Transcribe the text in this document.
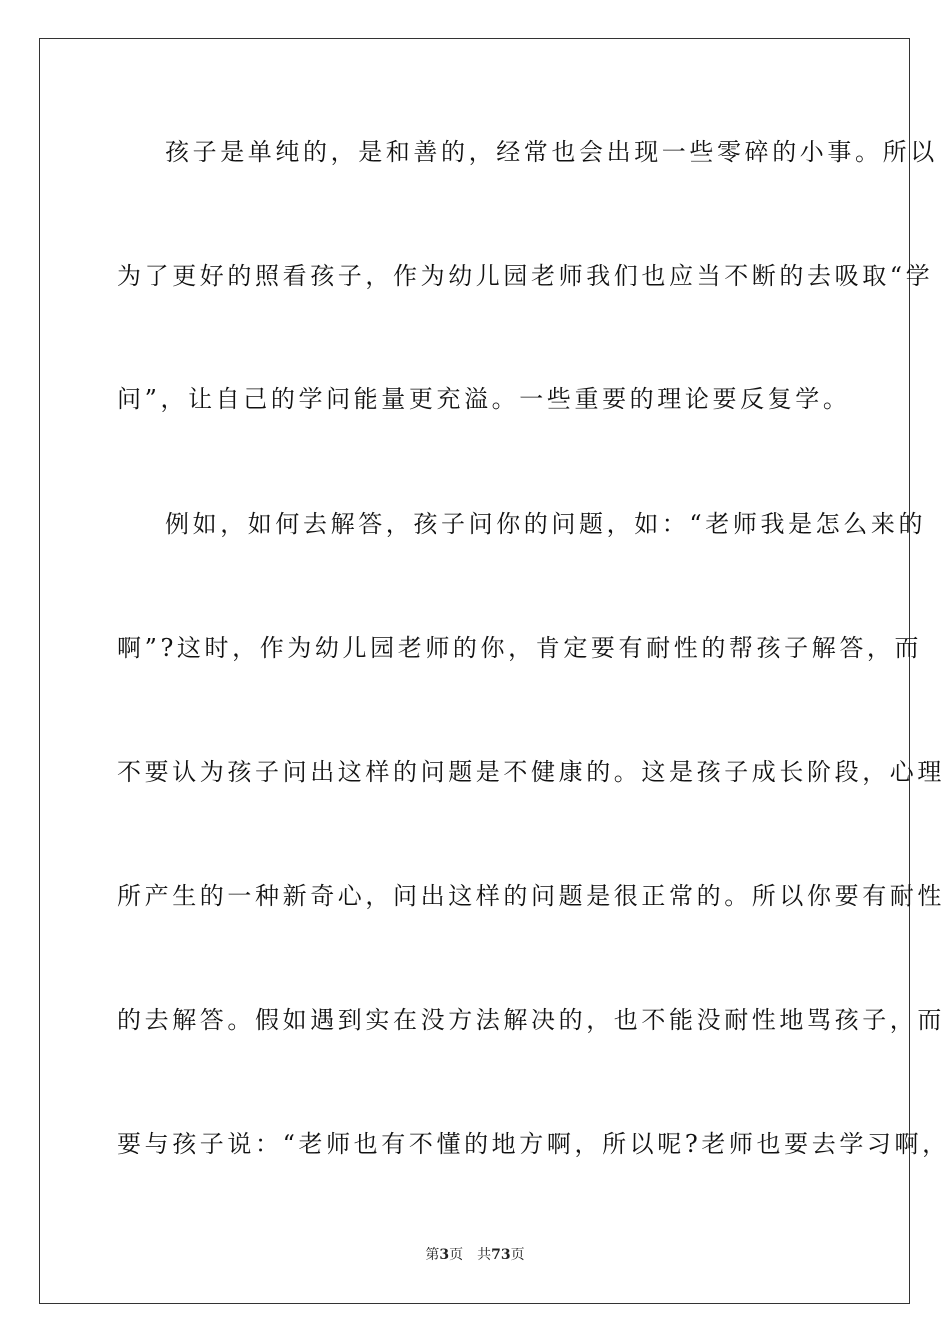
孩子是单纯的，是和善的，经常也会出现一些零碎的小事。所以
为了更好的照看孩子，作为幼儿园老师我们也应当不断的去吸取“学
问”，让自己的学问能量更充溢。一些重要的理论要反复学。
例如，如何去解答，孩子问你的问题，如：“老师我是怎么来的
啊”?这时，作为幼儿园老师的你，肯定要有耐性的帮孩子解答，而
不要认为孩子问出这样的问题是不健康的。这是孩子成长阶段，心理
所产生的一种新奇心，问出这样的问题是很正常的。所以你要有耐性
的去解答。假如遇到实在没方法解决的，也不能没耐性地骂孩子，而
要与孩子说：“老师也有不懂的地方啊，所以呢?老师也要去学习啊，
第3页 共73页
